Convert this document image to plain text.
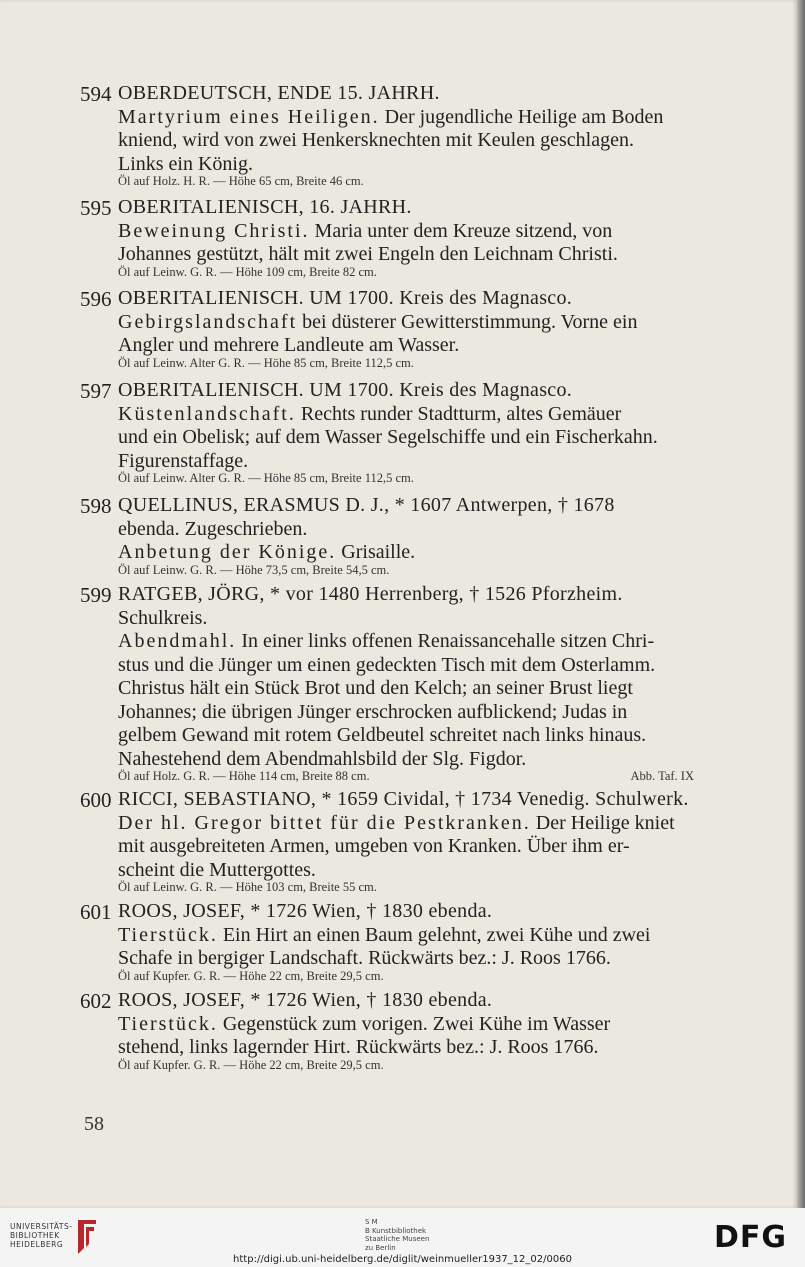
594 OBERDEUTSCH, ENDE 15. JAHRH.
Martyrium eines Heiligen. Der jugendliche Heilige am Boden
kniend, wird von zwei Henkersknechten mit Keulen geschlagen.
Links ein König.
Öl auf Holz. H. R. — Höhe 65 cm, Breite 46 cm.
595 OBERITALIENISCH, 16. JAHRH.
Beweinung Christi. Maria unter dem Kreuze sitzend, von
Johannes gestützt, hält mit zwei Engeln den Leichnam Christi.
Öl auf Leinw. G. R. — Höhe 109 cm, Breite 82 cm.
596 OBERITALIENISCH. UM 1700. Kreis des Magnasco.
Gebirgslandschaft bei düsterer Gewitterstimmung. Vorne ein
Angler und mehrere Landleute am Wasser.
Öl auf Leinw. Alter G. R. — Höhe 85 cm, Breite 112,5 cm.
597 OBERITALIENISCH. UM 1700. Kreis des Magnasco.
Küstenlandschaft. Rechts runder Stadtturm, altes Gemäuer
und ein Obelisk; auf dem Wasser Segelschiffe und ein Fischerkahn.
Figurenstaffage.
Öl auf Leinw. Alter G. R. — Höhe 85 cm, Breite 112,5 cm.
598 QUELLINUS, ERASMUS D. J., * 1607 Antwerpen, † 1678
ebenda. Zugeschrieben.
Anbetung der Könige. Grisaille.
Öl auf Leinw. G. R. — Höhe 73,5 cm, Breite 54,5 cm.
599 RATGEB, JÖRG, * vor 1480 Herrenberg, † 1526 Pforzheim.
Schulkreis.
Abendmahl. In einer links offenen Renaissancehalle sitzen Chri-
stus und die Jünger um einen gedeckten Tisch mit dem Osterlamm.
Christus hält ein Stück Brot und den Kelch; an seiner Brust liegt
Johannes; die übrigen Jünger erschrocken aufblickend; Judas in
gelbem Gewand mit rotem Geldbeutel schreitet nach links hinaus.
Nahestehend dem Abendmahlsbild der Slg. Figdor.
Öl auf Holz. G. R. — Höhe 114 cm, Breite 88 cm.	Abb. Taf. IX
600 RICCI, SEBASTIANO, * 1659 Cividal, † 1734 Venedig. Schulwerk.
Der hl. Gregor bittet für die Pestkranken. Der Heilige kniet
mit ausgebreiteten Armen, umgeben von Kranken. Über ihm er-
scheint die Muttergottes.
Öl auf Leinw. G. R. — Höhe 103 cm, Breite 55 cm.
601 ROOS, JOSEF, * 1726 Wien, † 1830 ebenda.
Tierstück. Ein Hirt an einen Baum gelehnt, zwei Kühe und zwei
Schafe in bergiger Landschaft. Rückwärts bez.: J. Roos 1766.
Öl auf Kupfer. G. R. — Höhe 22 cm, Breite 29,5 cm.
602 ROOS, JOSEF, * 1726 Wien, † 1830 ebenda.
Tierstück. Gegenstück zum vorigen. Zwei Kühe im Wasser
stehend, links lagernder Hirt. Rückwärts bez.: J. Roos 1766.
Öl auf Kupfer. G. R. — Höhe 22 cm, Breite 29,5 cm.
58
UNIVERSITÄTS-
BIBLIOTHEK
HEIDELBERG
S M
B Kunstbibliothek
Staatliche Museen
zu Berlin	DFG
http://digi.ub.uni-heidelberg.de/diglit/weinmueller1937_12_02/0060
